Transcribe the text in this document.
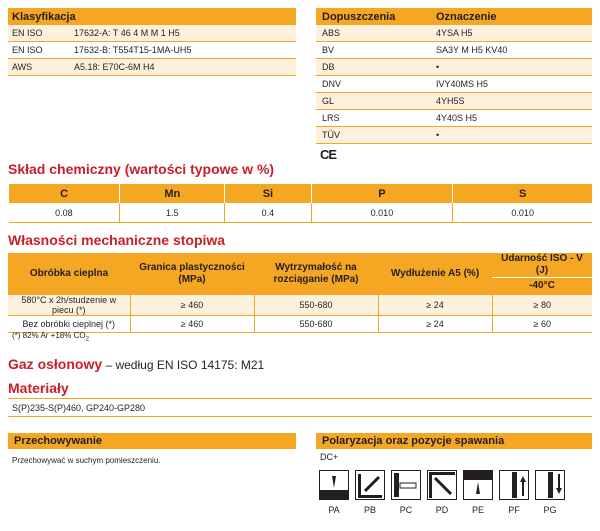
Klasyfikacja	
EN ISO	17632-A: T 46 4 M M 1 H5
EN ISO	17632-B: T554T15-1MA-UH5
AWS	A5.18: E70C-6M H4
Dopuszczenia	Oznaczenie
ABS	4YSA H5
BV	SA3Y M H5 KV40
DB	•
DNV	IVY40MS H5
GL	4YH5S
LRS	4Y40S H5
TÜV	•
CE
Skład chemiczny (wartości typowe w %)
C	Mn	Si	P	S
0.08	1.5	0.4	0.010	0.010
Własności mechaniczne stopiwa
Obróbka cieplna	Granica plastyczności (MPa)	Wytrzymałość na rozciąganie (MPa)	Wydłużenie A5 (%)	Udarność ISO - V (J)
				-40°C
580°C x 2h/studzenie w piecu (*)	≥ 460	550-680	≥ 24	≥ 80
Bez obróbki cieplnej (*)	≥ 460	550-680	≥ 24	≥ 60
(*) 82% Ar +18% $CO_2$
Gaz osłonowy – według EN ISO 14175: M21
Materiały
S(P)235-S(P)460, GP240-GP280
Przechowywanie
Przechowywać w suchym pomieszczeniu.
Polaryzacja oraz pozycje spawania
DC+
PA	PB	PC	PD	PE	PF	PG
